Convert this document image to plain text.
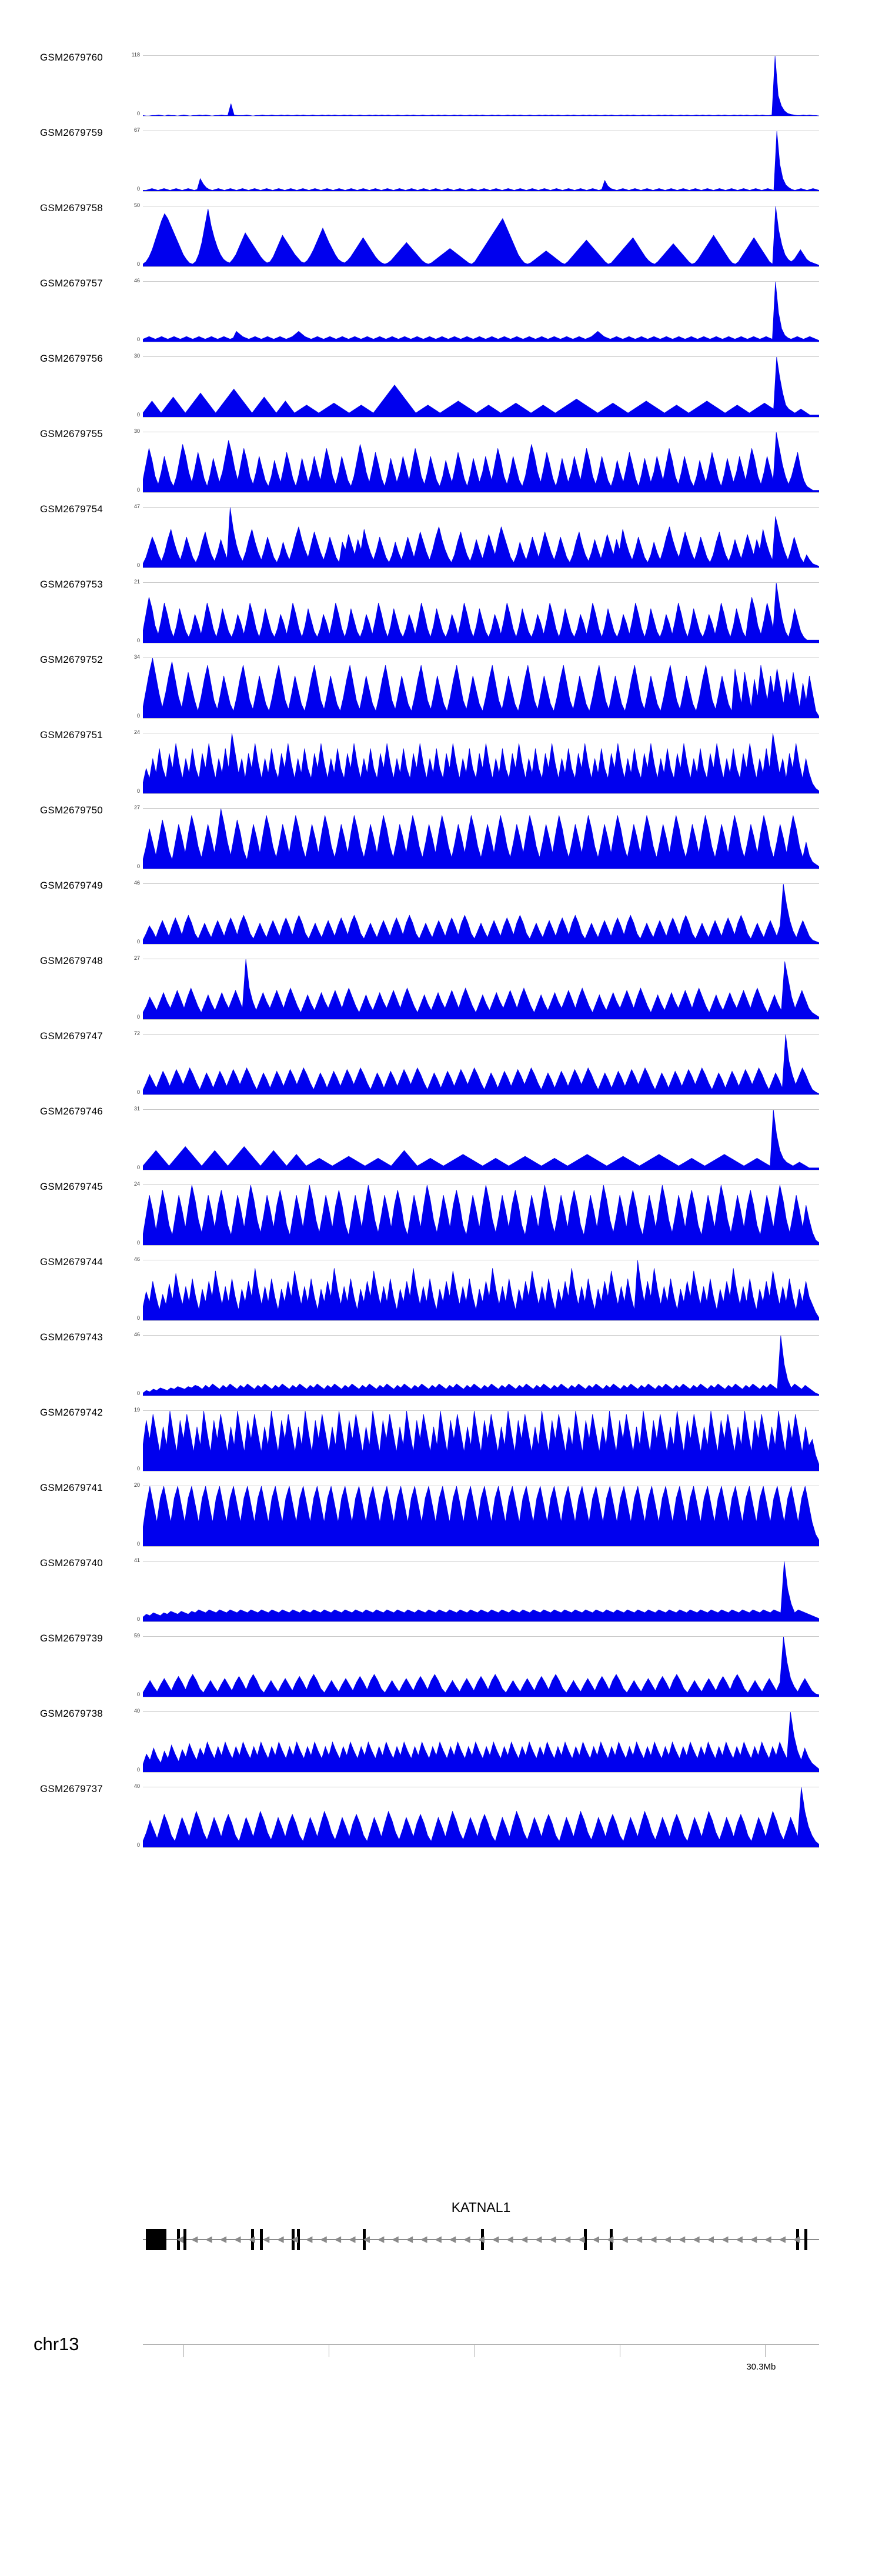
GSM2679760	118
0
GSM2679759	67
0
GSM2679758	50
0
GSM2679757	46
0
GSM2679756	30
0
GSM2679755	30
0
GSM2679754	47
0
GSM2679753	21
0
GSM2679752	34
0
GSM2679751	24
0
GSM2679750	27
0
GSM2679749	46
0
GSM2679748	27
0
GSM2679747	72
0
GSM2679746	31
0
GSM2679745	24
0
GSM2679744	46
0
GSM2679743	46
0
GSM2679742	19
0
GSM2679741	20
0
GSM2679740	41
0
GSM2679739	59
0
GSM2679738	40
0
GSM2679737	40
0
KATNAL1
◀ ◀ ◀ ◀ ◀ ◀ ◀ ◀ ◀ ◀ ◀ ◀ ◀ ◀ ◀ ◀ ◀ ◀ ◀ ◀ ◀ ◀ ◀ ◀ ◀ ◀ ◀ ◀ ◀ ◀ ◀ ◀ ◀ ◀ ◀ ◀ ◀ ◀ ◀ ◀ ◀ ◀ ◀ ◀
chr13
30.3Mb
